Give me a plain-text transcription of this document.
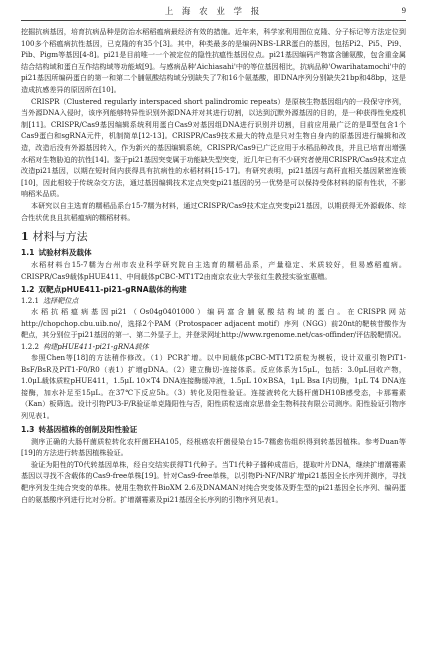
上 海 农 业 学 报	9

挖掘抗病基因，培育抗病品种是防治水稻稻瘟病最经济有效的措施。近年来，科学家利用图位克隆、分子标记等方法定位到100多个稻瘟病抗性基因，已克隆的有35个[3]。其中，种类最多的是编码NBS-LRR蛋白的基因，包括Pi2、Pi5、Pi9、Pib、Pigm等基因[4-8]。pi21是目前唯一一个被定位的隐性抗瘟性基因位点。pi21基因编码产物富含脯氨酸，包含重金属结合结构域和蛋白互作结构域等功能域[9]。与感病品种'Aichiasahi'中的等位基因相比，抗病品种'Owarihatamochi'中的pi21基因所编码蛋白的第一和第二个脯氨酸结构域分别缺失了7和16个氨基酸，即DNA序列分别缺失21bp和48bp，这是造成抗感差异的原因所在[10]。

CRISPR（Clustered regularly interspaced short palindromic repeats）是原核生物基因组内的一段保守序列，当外源DNA入侵时，该序列能够特异性识别外源DNA并对其进行切割，以达到沉默外源基因的目的，是一种获得性免疫机制[11]。CRISPR/Cas9基因编辑系统利用蛋白Cas9对基因组DNA进行识别并切割，目前应用最广泛的是Ⅱ型包含1个Cas9蛋白和sgRNA元件，机制简单[12-13]。CRISPR/Cas9技术最大的特点是只对生物自身内的原基因进行编辑和改造，改造后没有外源基因转入，作为新兴的基因编辑系统，CRISPR/Cas9已广泛应用于水稻品种改良，并且已培育出增强水稻对生物胁迫的抗性[14]。鉴于pi21基因突变属于功能缺失型突变，近几年已有不少研究者使用CRISPR/Cas9技术定点改造pi21基因，以期在短时间内获得具有抗病性的水稻材料[15-17]。有研究表明，pi21基因与高秆直相关基因紧密连锁[10]，因此相较于传统杂交方法，通过基因编辑技术定点突变pi21基因的另一优势是可以保持受体材料的原有性状，不影响稻米品质。

本研究以自主选育的糯稻品系台15-7糯为材料，通过CRISPR/Cas9技术定点突变pi21基因，以期获得无外源载体、综合性状优良且抗稻瘟病的糯稻材料。

1 材料与方法
1.1 试验材料及载体

水稻材料台15-7糯为台州市农业科学研究院自主选育的糯稻品系，产量稳定、米质较好，但易感稻瘟病。CRISPR/Cas9载体pHUE411、中间载体pCBC-MT1T2由南京农业大学张红生教授实验室惠赠。

1.2 双靶点pHUE411-pi21-gRNA载体的构建
1.2.1 选择靶位点

水稻抗稻瘟病基因pi21（Os04g0401000）编码富含脯氨酸结构域的蛋白。在CRISPR网站http://chopchop.cbu.uib.no/，选择2个PAM（Protospacer adjacent motif）序列（NGG）前20nt的靶核苷酸作为靶点，其分别位于pi21基因的第一、第二外显子上，并登录网址http://www.rgenome.net/cas-offinder/评估脱靶情况。

1.2.2 构建pHUE411-pi21-gRNA载体

参照Chen等[18]的方法稍作修改。（1）PCR扩增。以中间载体pCBC-MT1T2质粒为模板，设计双重引物PiT1-BsF/BsR及PiT1-F0/R0（表1）扩增gDNA。（2）建立酶切-连接体系。反应体系为15μL，包括：3.0μL回收产物，1.0μL载体质粒pHUE411，1.5μL 10×T4 DNA连接酶缓冲液，1.5μL 10×BSA，1μL Bsa I内切酶，1μL T4 DNA连接酶，加水补足至15μL。在37℃下反应5h。（3）转化及阳性验证。连接液转化大肠杆菌DH10B感受态，卡那霉素（Kan）板筛选。设计引物PU3-F/R验证单克隆阳性与否，阳性质粒送南京思普金生物科技有限公司测序。阳性验证引物序列见表1。

1.3 转基因植株的创制及阳性验证

测序正确的大肠杆菌质粒转化农杆菌EHA105，经根癌农杆菌侵染台15-7糯愈伤组织得到转基因植株。参考Duan等[19]的方法进行转基因植株验证。

验证为阳性的T0代转基因单株，经自交结实获得T1代种子。当T1代种子播种成苗后，提取叶片DNA，继续扩增潮霉素基因以寻找不含载体的Cas9-free单株[19]。针对Cas9-free单株，以引物Pi-NF/NR扩增pi21基因全长序列并测序，寻找靶序列发生纯合突变的单株。使用生物软件BioXM 2.6及DNAMAN对纯合突变体及野生型的pi21基因全长序列、编码蛋白的氨基酸序列进行比对分析。扩增潮霉素及pi21基因全长序列的引物序列见表1。
